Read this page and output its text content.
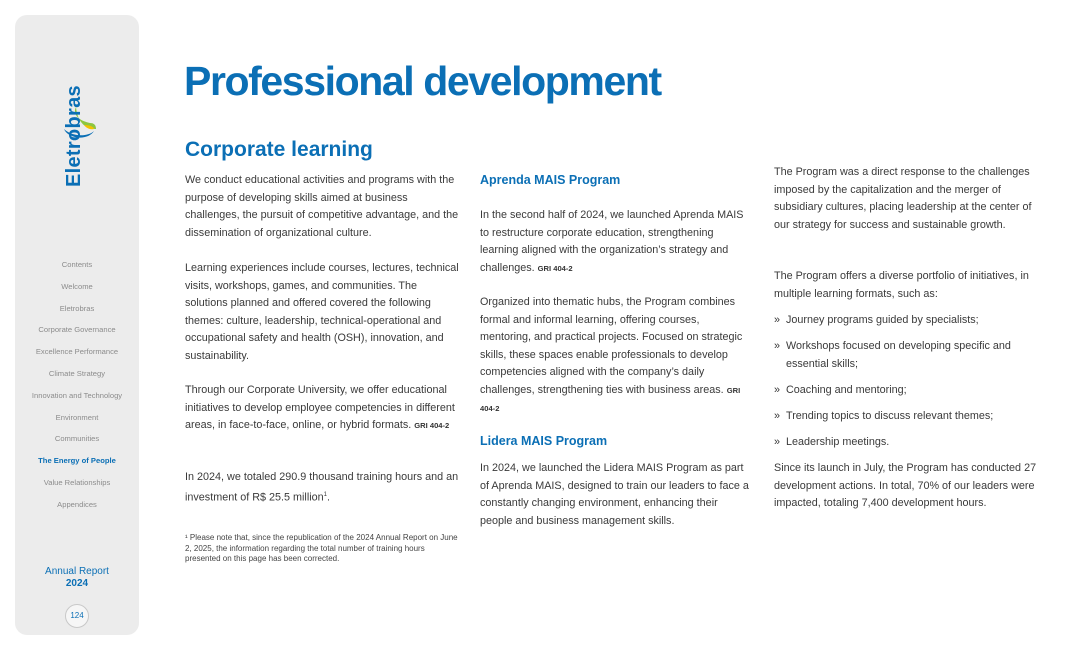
Eletrobras
Contents
Welcome
Eletrobras
Corporate Governance
Excellence Performance
Climate Strategy
Innovation and Technology
Environment
Communities
The Energy of People
Value Relationships
Appendices
Annual Report
2024
124
Professional development
Corporate learning

We conduct educational activities and programs with the purpose of developing skills aimed at business challenges, the pursuit of competitive advantage, and the dissemination of organizational culture.

Learning experiences include courses, lectures, technical visits, workshops, games, and communities. The solutions planned and offered covered the following themes: culture, leadership, technical-operational and occupational safety and health (OSH), innovation, and sustainability.

Through our Corporate University, we offer educational initiatives to develop employee competencies in different areas, in face-to-face, online, or hybrid formats. GRI 404-2

In 2024, we totaled 290.9 thousand training hours and an investment of R$ 25.5 million$^1$.

¹ Please note that, since the republication of the 2024 Annual Report on June 2, 2025, the information regarding the total number of training hours presented on this page has been corrected.

Aprenda MAIS Program

In the second half of 2024, we launched Aprenda MAIS to restructure corporate education, strengthening learning aligned with the organization’s strategy and challenges. GRI 404-2

Organized into thematic hubs, the Program combines formal and informal learning, offering courses, mentoring, and practical projects. Focused on strategic skills, these spaces enable professionals to develop competencies aligned with the company’s daily challenges, strengthening ties with business areas. GRI 404-2

Lidera MAIS Program

In 2024, we launched the Lidera MAIS Program as part of Aprenda MAIS, designed to train our leaders to face a constantly changing environment, enhancing their people and business management skills.

The Program was a direct response to the challenges imposed by the capitalization and the merger of subsidiary cultures, placing leadership at the center of our strategy for success and sustainable growth.

The Program offers a diverse portfolio of initiatives, in multiple learning formats, such as:

» Journey programs guided by specialists;
» Workshops focused on developing specific and essential skills;
» Coaching and mentoring;
» Trending topics to discuss relevant themes;
» Leadership meetings.

Since its launch in July, the Program has conducted 27 development actions. In total, 70% of our leaders were impacted, totaling 7,400 development hours.
